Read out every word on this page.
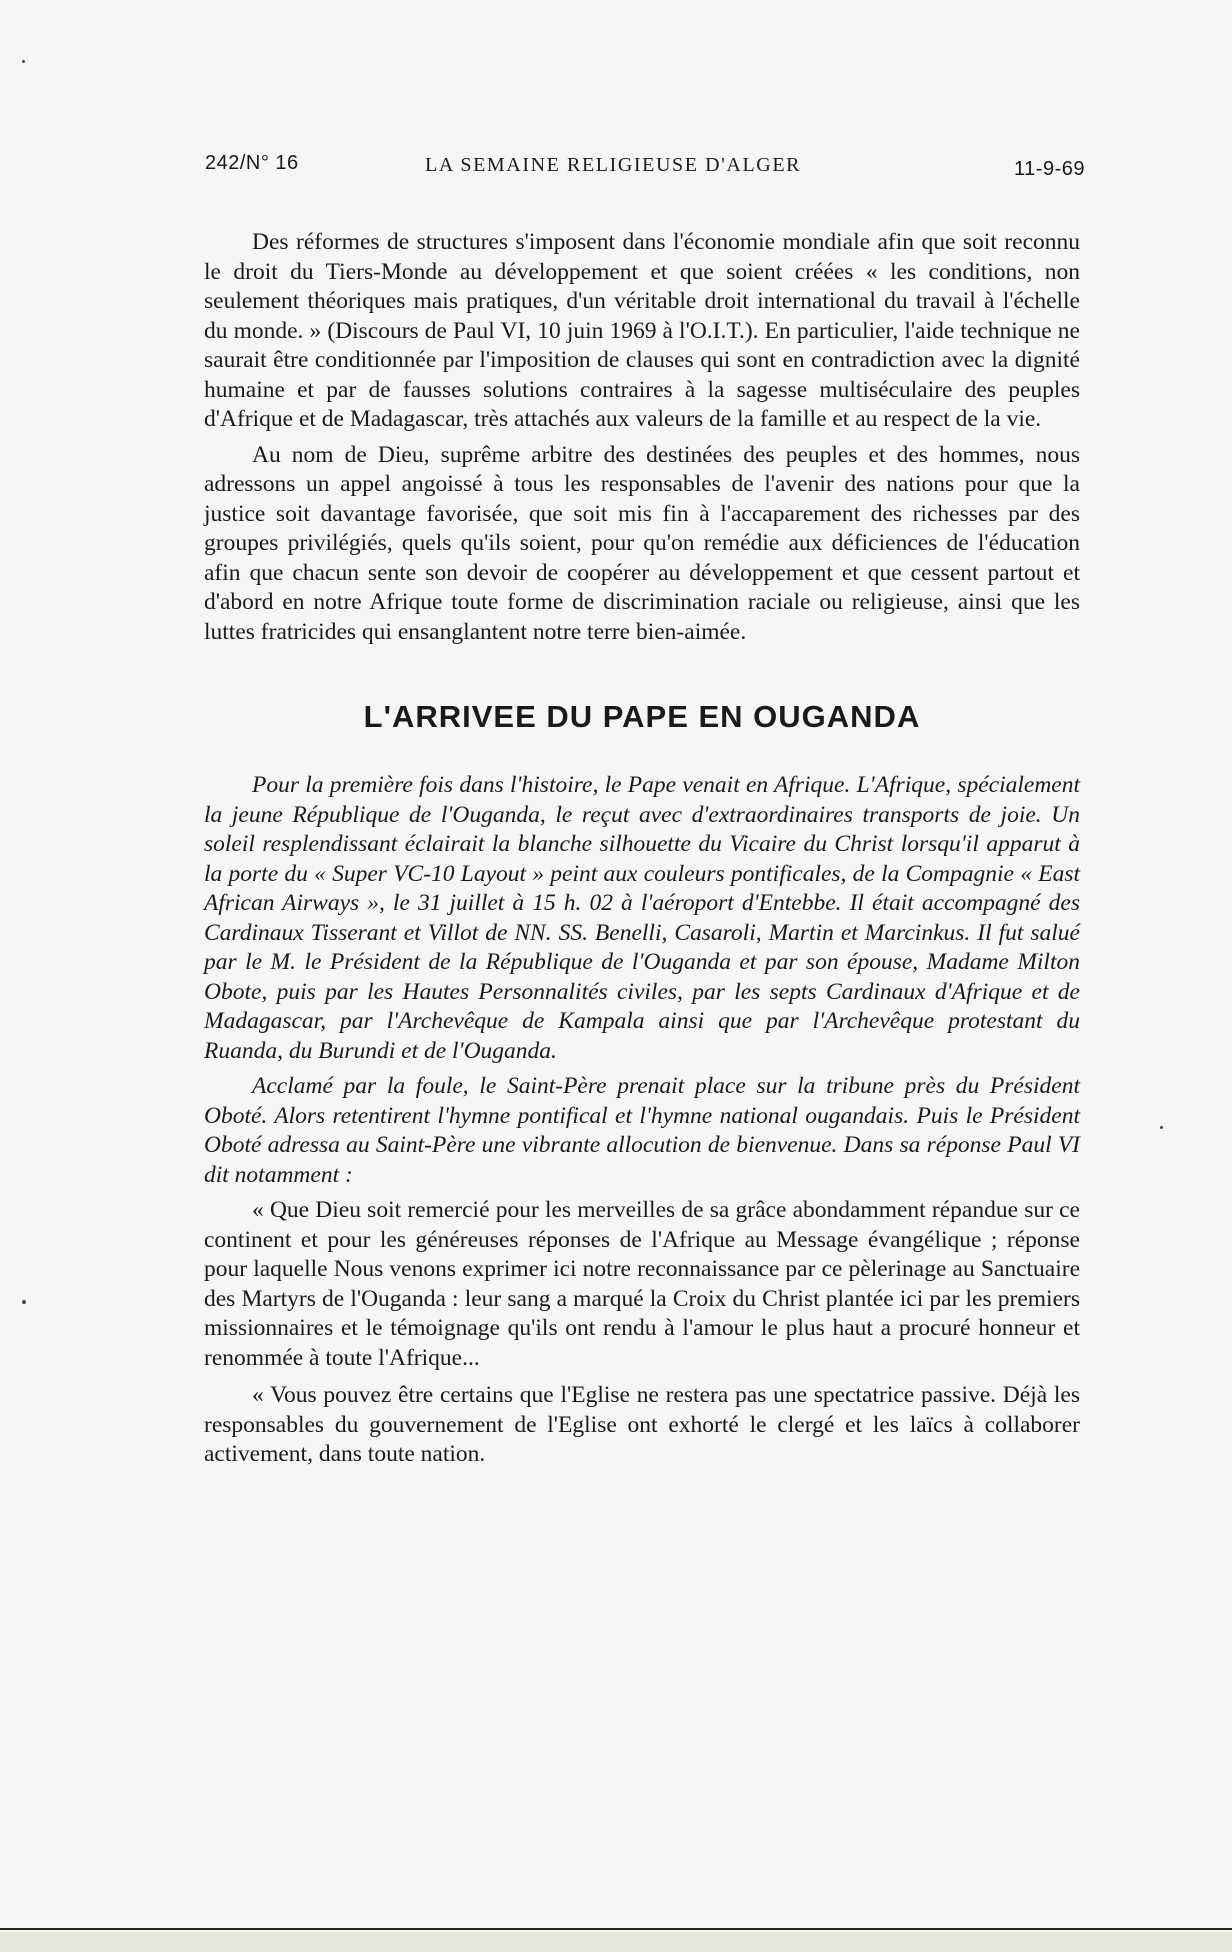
242/N° 16	LA SEMAINE RELIGIEUSE D'ALGER	11-9-69

Des réformes de structures s'imposent dans l'économie mondiale afin que soit reconnu le droit du Tiers-Monde au développement et que soient créées « les conditions, non seulement théoriques mais pratiques, d'un véritable droit international du travail à l'échelle du monde. » (Discours de Paul VI, 10 juin 1969 à l'O.I.T.). En particulier, l'aide technique ne saurait être conditionnée par l'imposition de clauses qui sont en contradiction avec la dignité humaine et par de fausses solutions contraires à la sagesse multiséculaire des peuples d'Afrique et de Madagascar, très attachés aux valeurs de la famille et au respect de la vie.

Au nom de Dieu, suprême arbitre des destinées des peuples et des hommes, nous adressons un appel angoissé à tous les responsables de l'avenir des nations pour que la justice soit davantage favorisée, que soit mis fin à l'accaparement des richesses par des groupes privilégiés, quels qu'ils soient, pour qu'on remédie aux déficiences de l'éducation afin que chacun sente son devoir de coopérer au développement et que cessent partout et d'abord en notre Afrique toute forme de discrimination raciale ou religieuse, ainsi que les luttes fratricides qui ensanglantent notre terre bien-aimée.

L'ARRIVEE DU PAPE EN OUGANDA

Pour la première fois dans l'histoire, le Pape venait en Afrique. L'Afrique, spécialement la jeune République de l'Ouganda, le reçut avec d'extraordinaires transports de joie. Un soleil resplendissant éclairait la blanche silhouette du Vicaire du Christ lorsqu'il apparut à la porte du « Super VC-10 Layout » peint aux couleurs pontificales, de la Compagnie « East African Airways », le 31 juillet à 15 h. 02 à l'aéroport d'Entebbe. Il était accompagné des Cardinaux Tisserant et Villot de NN. SS. Benelli, Casaroli, Martin et Marcinkus. Il fut salué par le M. le Président de la République de l'Ouganda et par son épouse, Madame Milton Obote, puis par les Hautes Personnalités civiles, par les septs Cardinaux d'Afrique et de Madagascar, par l'Archevêque de Kampala ainsi que par l'Archevêque protestant du Ruanda, du Burundi et de l'Ouganda.

Acclamé par la foule, le Saint-Père prenait place sur la tribune près du Président Oboté. Alors retentirent l'hymne pontifical et l'hymne national ougandais. Puis le Président Oboté adressa au Saint-Père une vibrante allocution de bienvenue. Dans sa réponse Paul VI dit notamment :

« Que Dieu soit remercié pour les merveilles de sa grâce abondamment répandue sur ce continent et pour les généreuses réponses de l'Afrique au Message évangélique ; réponse pour laquelle Nous venons exprimer ici notre reconnaissance par ce pèlerinage au Sanctuaire des Martyrs de l'Ouganda : leur sang a marqué la Croix du Christ plantée ici par les premiers missionnaires et le témoignage qu'ils ont rendu à l'amour le plus haut a procuré honneur et renommée à toute l'Afrique...

« Vous pouvez être certains que l'Eglise ne restera pas une spectatrice passive. Déjà les responsables du gouvernement de l'Eglise ont exhorté le clergé et les laïcs à collaborer activement, dans toute nation.
